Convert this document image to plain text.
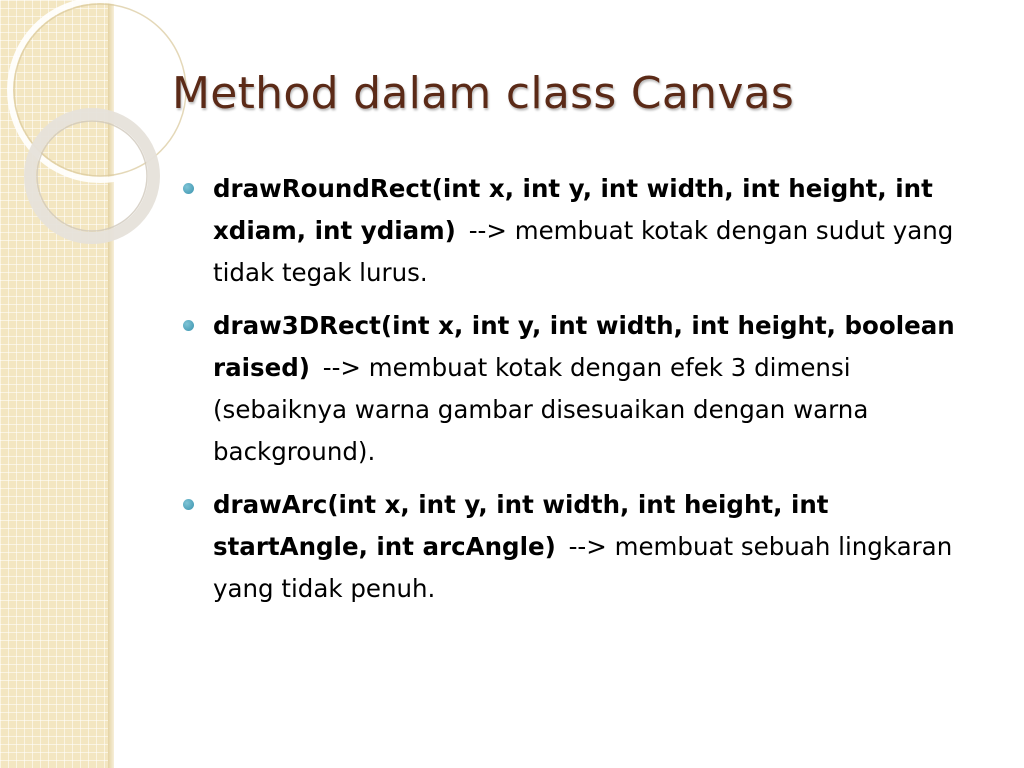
Method dalam class Canvas
drawRoundRect(int x, int y, int width, int height, int xdiam, int ydiam) --> membuat kotak dengan sudut yang tidak tegak lurus.
draw3DRect(int x, int y, int width, int height, boolean raised) --> membuat kotak dengan efek 3 dimensi (sebaiknya warna gambar disesuaikan dengan warna background).
drawArc(int x, int y, int width, int height, int startAngle, int arcAngle) --> membuat sebuah lingkaran yang tidak penuh.
